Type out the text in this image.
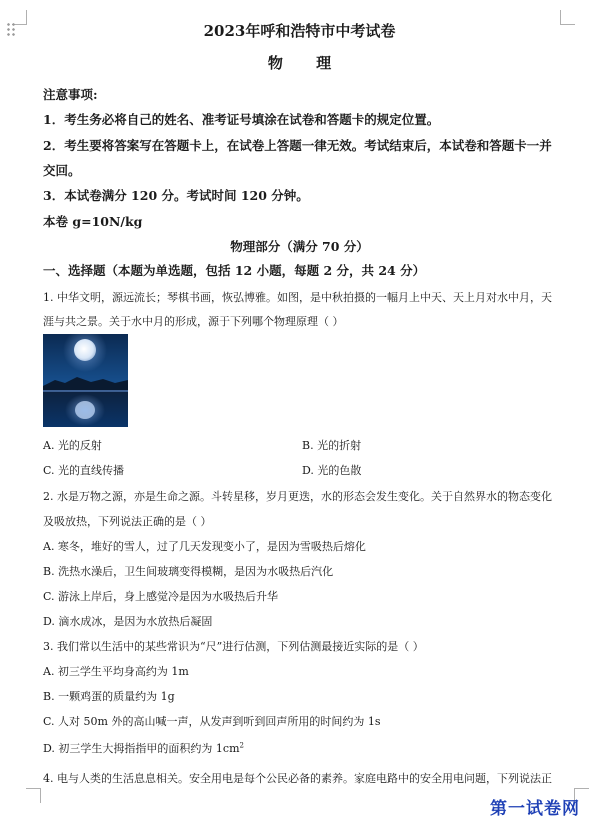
2023年呼和浩特市中考试卷
物 理
注意事项:
1．考生务必将自己的姓名、准考证号填涂在试卷和答题卡的规定位置。
2．考生要将答案写在答题卡上，在试卷上答题一律无效。考试结束后，本试卷和答题卡一并
交回。
3．本试卷满分 120 分。考试时间 120 分钟。
本卷 g=10N/kg
物理部分（满分 70 分）
一、选择题（本题为单选题，包括 12 小题，每题 2 分，共 24 分）
1. 中华文明，源远流长；琴棋书画，恢弘博雅。如图，是中秋拍摄的一幅月上中天、天上月对水中月，天
涯与共之景。关于水中月的形成，源于下列哪个物理原理（ ）
A. 光的反射	B. 光的折射
C. 光的直线传播	D. 光的色散
2. 水是万物之源，亦是生命之源。斗转星移，岁月更迭，水的形态会发生变化。关于自然界水的物态变化
及吸放热，下列说法正确的是（ ）
A. 寒冬，堆好的雪人，过了几天发现变小了，是因为雪吸热后熔化
B. 洗热水澡后，卫生间玻璃变得模糊，是因为水吸热后汽化
C. 游泳上岸后，身上感觉冷是因为水吸热后升华
D. 滴水成冰，是因为水放热后凝固
3. 我们常以生活中的某些常识为“尺”进行估测，下列估测最接近实际的是（ ）
A. 初三学生平均身高约为 1m
B. 一颗鸡蛋的质量约为 1g
C. 人对 50m 外的高山喊一声，从发声到听到回声所用的时间约为 1s
D. 初三学生大拇指指甲的面积约为 $1cm^2$
4. 电与人类的生活息息相关。安全用电是每个公民必备的素养。家庭电路中的安全用电问题，下列说法正
第一试卷网
